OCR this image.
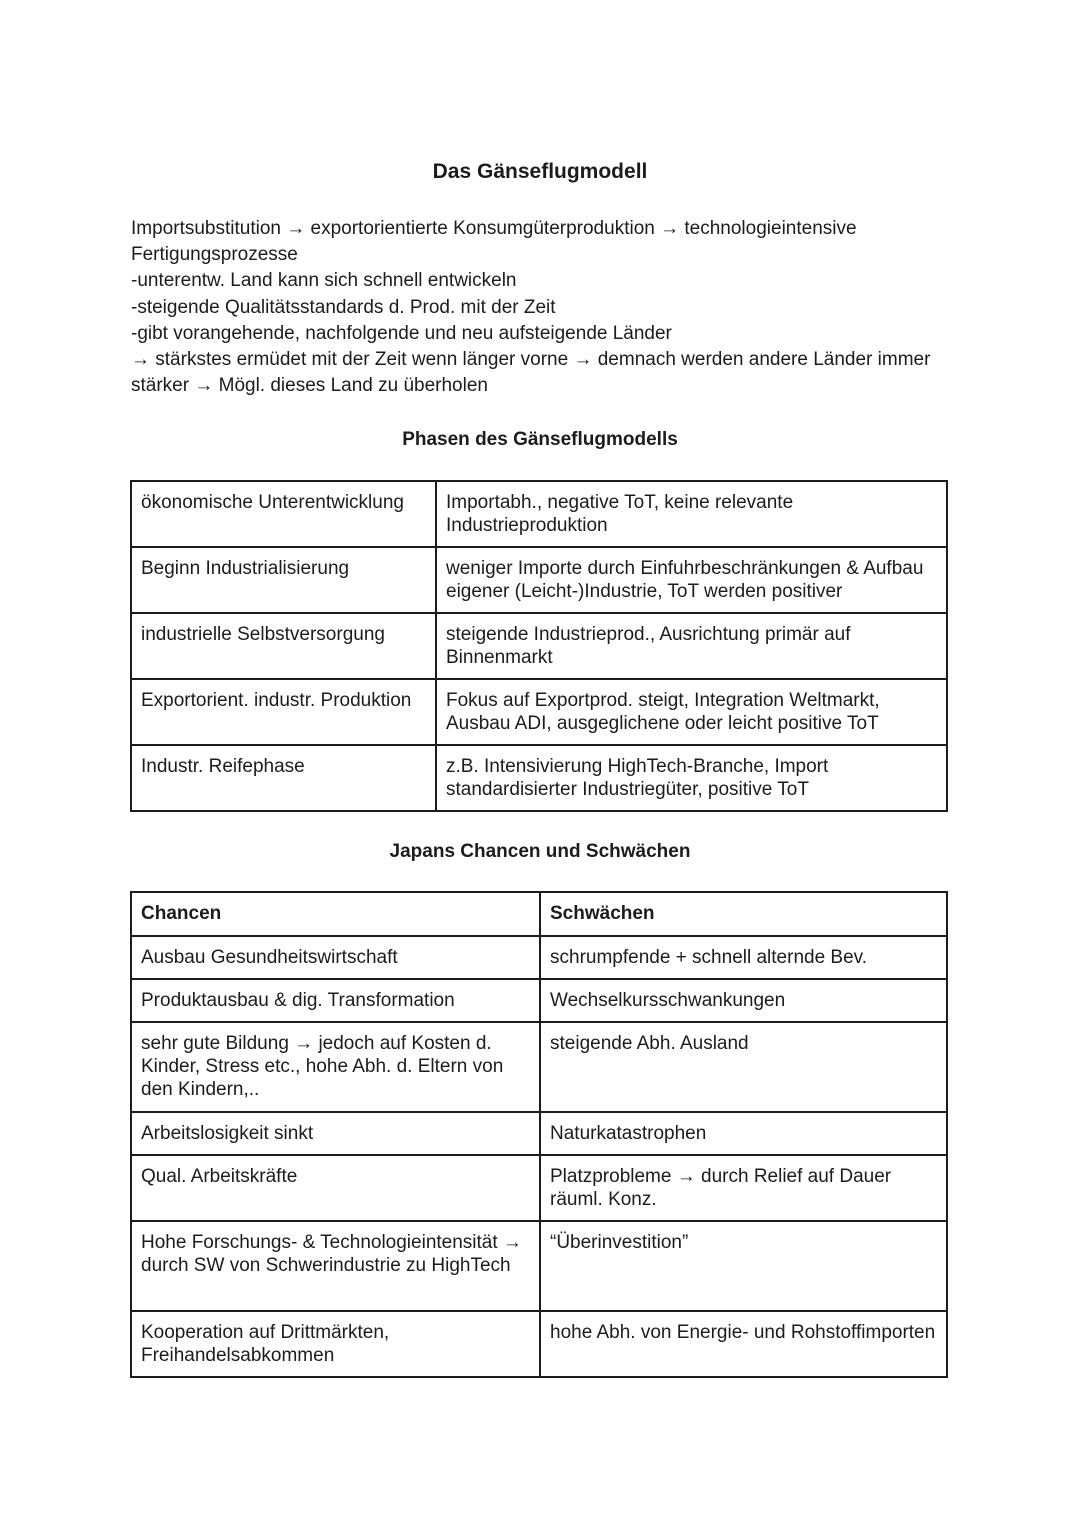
Das Gänseflugmodell
Importsubstitution → exportorientierte Konsumgüterproduktion → technologieintensive Fertigungsprozesse
-unterentw. Land kann sich schnell entwickeln
-steigende Qualitätsstandards d. Prod. mit der Zeit
-gibt vorangehende, nachfolgende und neu aufsteigende Länder
→ stärkstes ermüdet mit der Zeit wenn länger vorne → demnach werden andere Länder immer stärker → Mögl. dieses Land zu überholen
Phasen des Gänseflugmodells
ökonomische Unterentwicklung	Importabh., negative ToT, keine relevante Industrieproduktion
Beginn Industrialisierung	weniger Importe durch Einfuhrbeschränkungen & Aufbau eigener (Leicht-)Industrie, ToT werden positiver
industrielle Selbstversorgung	steigende Industrieprod., Ausrichtung primär auf Binnenmarkt
Exportorient. industr. Produktion	Fokus auf Exportprod. steigt, Integration Weltmarkt, Ausbau ADI, ausgeglichene oder leicht positive ToT
Industr. Reifephase	z.B. Intensivierung HighTech-Branche, Import standardisierter Industriegüter, positive ToT
Japans Chancen und Schwächen
Chancen	Schwächen
Ausbau Gesundheitswirtschaft	schrumpfende + schnell alternde Bev.
Produktausbau & dig. Transformation	Wechselkursschwankungen
sehr gute Bildung → jedoch auf Kosten d. Kinder, Stress etc., hohe Abh. d. Eltern von den Kindern,..	steigende Abh. Ausland
Arbeitslosigkeit sinkt	Naturkatastrophen
Qual. Arbeitskräfte	Platzprobleme → durch Relief auf Dauer räuml. Konz.
Hohe Forschungs- & Technologieintensität → durch SW von Schwerindustrie zu HighTech	“Überinvestition”
Kooperation auf Drittmärkten, Freihandelsabkommen	hohe Abh. von Energie- und Rohstoffimporten
